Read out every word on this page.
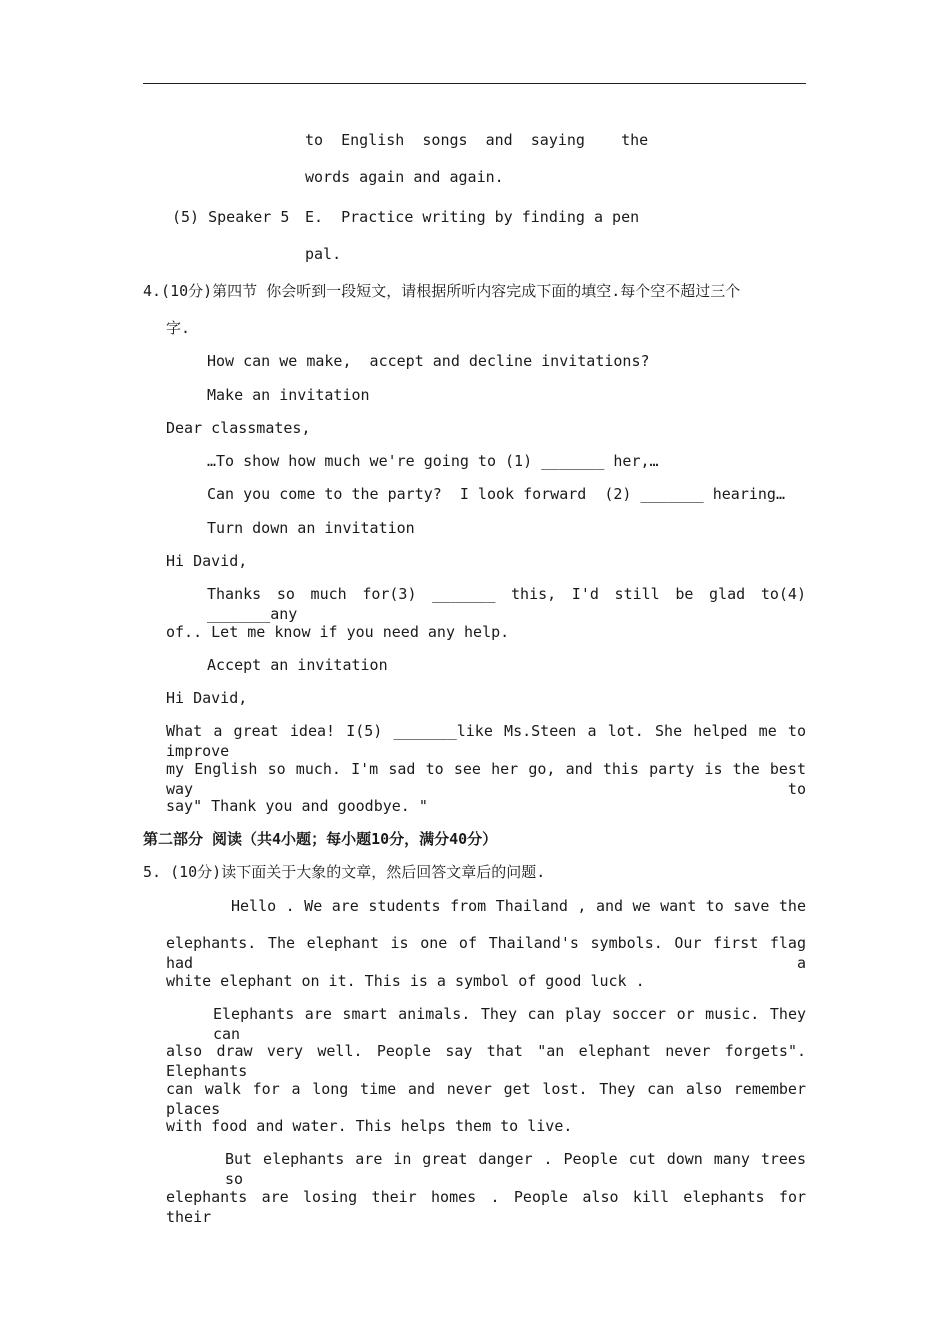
to  English  songs  and  saying    the
words again and again.
(5) Speaker 5 E.  Practice writing by finding a pen
pal.
4.(10分)第四节 你会听到一段短文，请根据所听内容完成下面的填空.每个空不超过三个
字.
How can we make,  accept and decline invitations?
Make an invitation
Dear classmates,
…To show how much we're going to (1) _______ her,…
Can you come to the party?  I look forward  (2) _______ hearing…
Turn down an invitation
Hi David,
Thanks so much for(3) _______ this, I'd still be glad to(4) _______any
of.. Let me know if you need any help.
Accept an invitation
Hi David,
What a great idea! I(5) _______like Ms.Steen a lot. She helped me to improve
my English so much. I'm sad to see her go, and this party is the best way to
say" Thank you and goodbye. "
第二部分 阅读（共4小题；每小题10分，满分40分）
5. (10分)读下面关于大象的文章，然后回答文章后的问题.
Hello . We are students from Thailand , and we want to save the
elephants. The elephant is one of Thailand's symbols. Our first flag had a
white elephant on it. This is a symbol of good luck .
Elephants are smart animals. They can play soccer or music. They can
also draw very well. People say that "an elephant never forgets". Elephants
can walk for a long time and never get lost. They can also remember places
with food and water. This helps them to live.
But elephants are in great danger . People cut down many trees so
elephants are losing their homes . People also kill elephants for their
